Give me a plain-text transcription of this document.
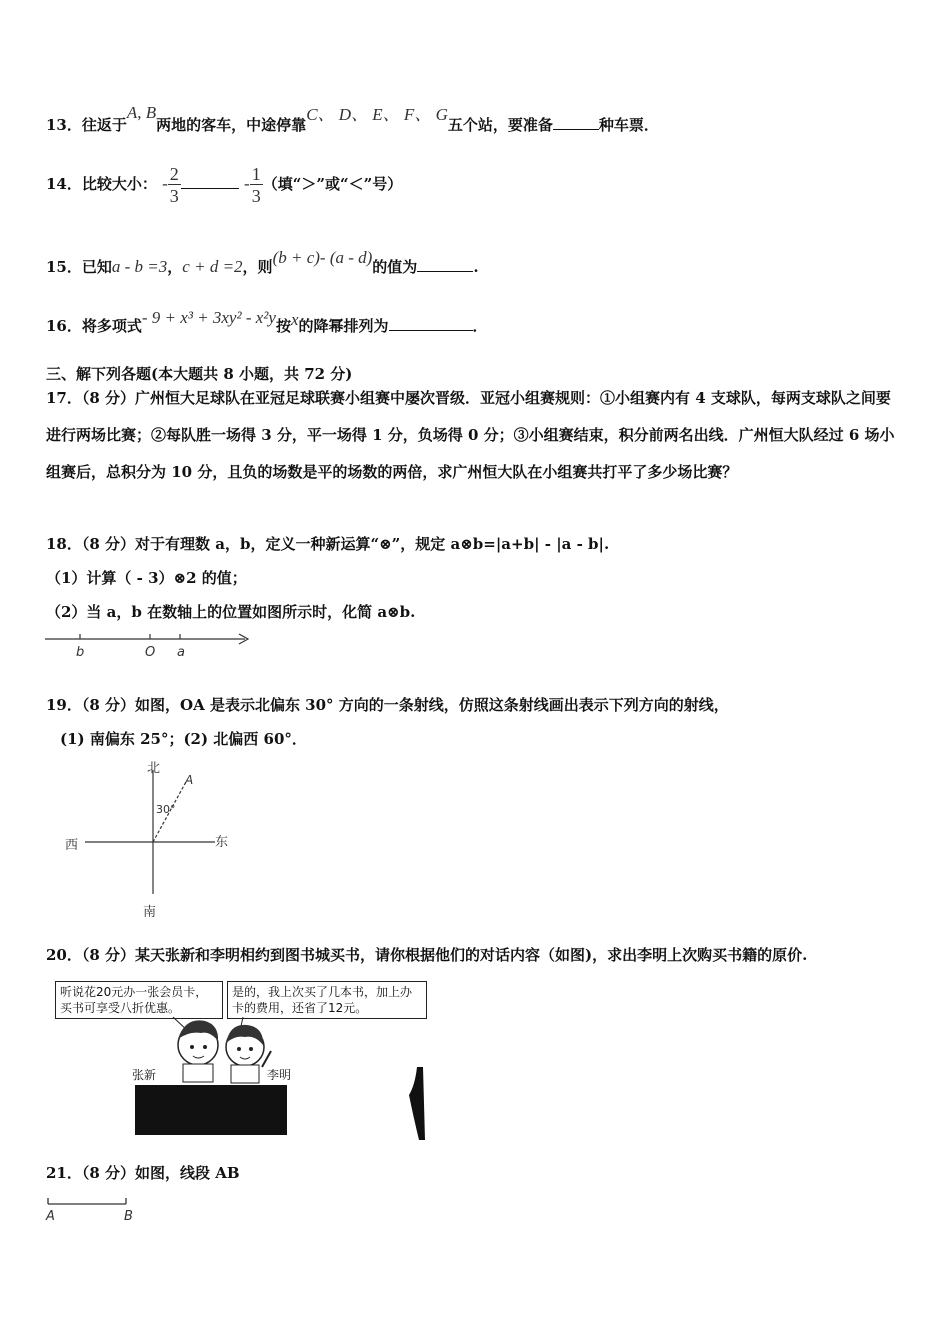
13．往返于A, B两地的客车，中途停靠C、 D、 E、 F、 G五个站，要准备	种车票．
14．比较大小： - $\frac{2}{3}$	- $\frac{1}{3}$ （填“＞”或“＜”号）
15．已知a - b =3，c + d =2，则(b + c)- (a - d)的值为	.
16．将多项式- 9 + x³ + 3xy² - x²y按x的降幂排列为	．
三、解下列各题(本大题共 8 小题，共 72 分)
17．（8 分）广州恒大足球队在亚冠足球联赛小组赛中屡次晋级．亚冠小组赛规则：①小组赛内有 4 支球队，每两支球队之间要进行两场比赛；②每队胜一场得 3 分，平一场得 1 分，负场得 0 分；③小组赛结束，积分前两名出线．广州恒大队经过 6 场小组赛后，总积分为 10 分，且负的场数是平的场数的两倍，求广州恒大队在小组赛共打平了多少场比赛？
18．（8 分）对于有理数 a，b，定义一种新运算“⊗”，规定 a⊗b=|a+b| - |a - b|.
（1）计算（ - 3）⊗2 的值；
（2）当 a，b 在数轴上的位置如图所示时，化简 a⊗b.
b	O a
19．（8 分）如图，OA 是表示北偏东 30° 方向的一条射线，仿照这条射线画出表示下列方向的射线，
(1) 南偏东 25°；(2) 北偏西 60°．
北
南
东
西
A
30°
20．（8 分）某天张新和李明相约到图书城买书，请你根据他们的对话内容（如图)，求出李明上次购买书籍的原价.
听说花20元办一张会员卡，买书可享受八折优惠。
是的，我上次买了几本书，加上办卡的费用，还省了12元。
张新	李明
21．（8 分）如图，线段 AB
A	B
